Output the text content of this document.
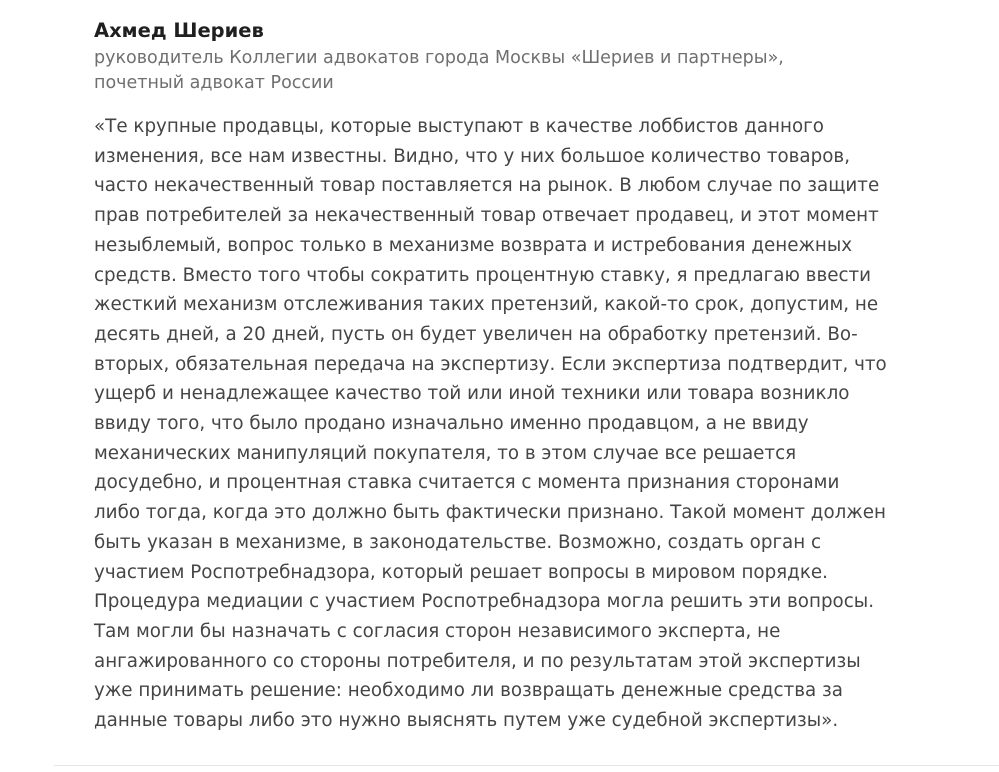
Ахмед Шериев

руководитель Коллегии адвокатов города Москвы «Шериев и партнеры»,

почетный адвокат России

«Те крупные продавцы, которые выступают в качестве лоббистов данного
изменения, все нам известны. Видно, что у них большое количество товаров,
часто некачественный товар поставляется на рынок. В любом случае по защите
прав потребителей за некачественный товар отвечает продавец, и этот момент
незыблемый, вопрос только в механизме возврата и истребования денежных
средств. Вместо того чтобы сократить процентную ставку, я предлагаю ввести
жесткий механизм отслеживания таких претензий, какой-то срок, допустим, не
десять дней, а 20 дней, пусть он будет увеличен на обработку претензий. Во-
вторых, обязательная передача на экспертизу. Если экспертиза подтвердит, что
ущерб и ненадлежащее качество той или иной техники или товара возникло
ввиду того, что было продано изначально именно продавцом, а не ввиду
механических манипуляций покупателя, то в этом случае все решается
досудебно, и процентная ставка считается с момента признания сторонами
либо тогда, когда это должно быть фактически признано. Такой момент должен
быть указан в механизме, в законодательстве. Возможно, создать орган с
участием Роспотребнадзора, который решает вопросы в мировом порядке.
Процедура медиации с участием Роспотребнадзора могла решить эти вопросы.
Там могли бы назначать с согласия сторон независимого эксперта, не
ангажированного со стороны потребителя, и по результатам этой экспертизы
уже принимать решение: необходимо ли возвращать денежные средства за
данные товары либо это нужно выяснять путем уже судебной экспертизы».
